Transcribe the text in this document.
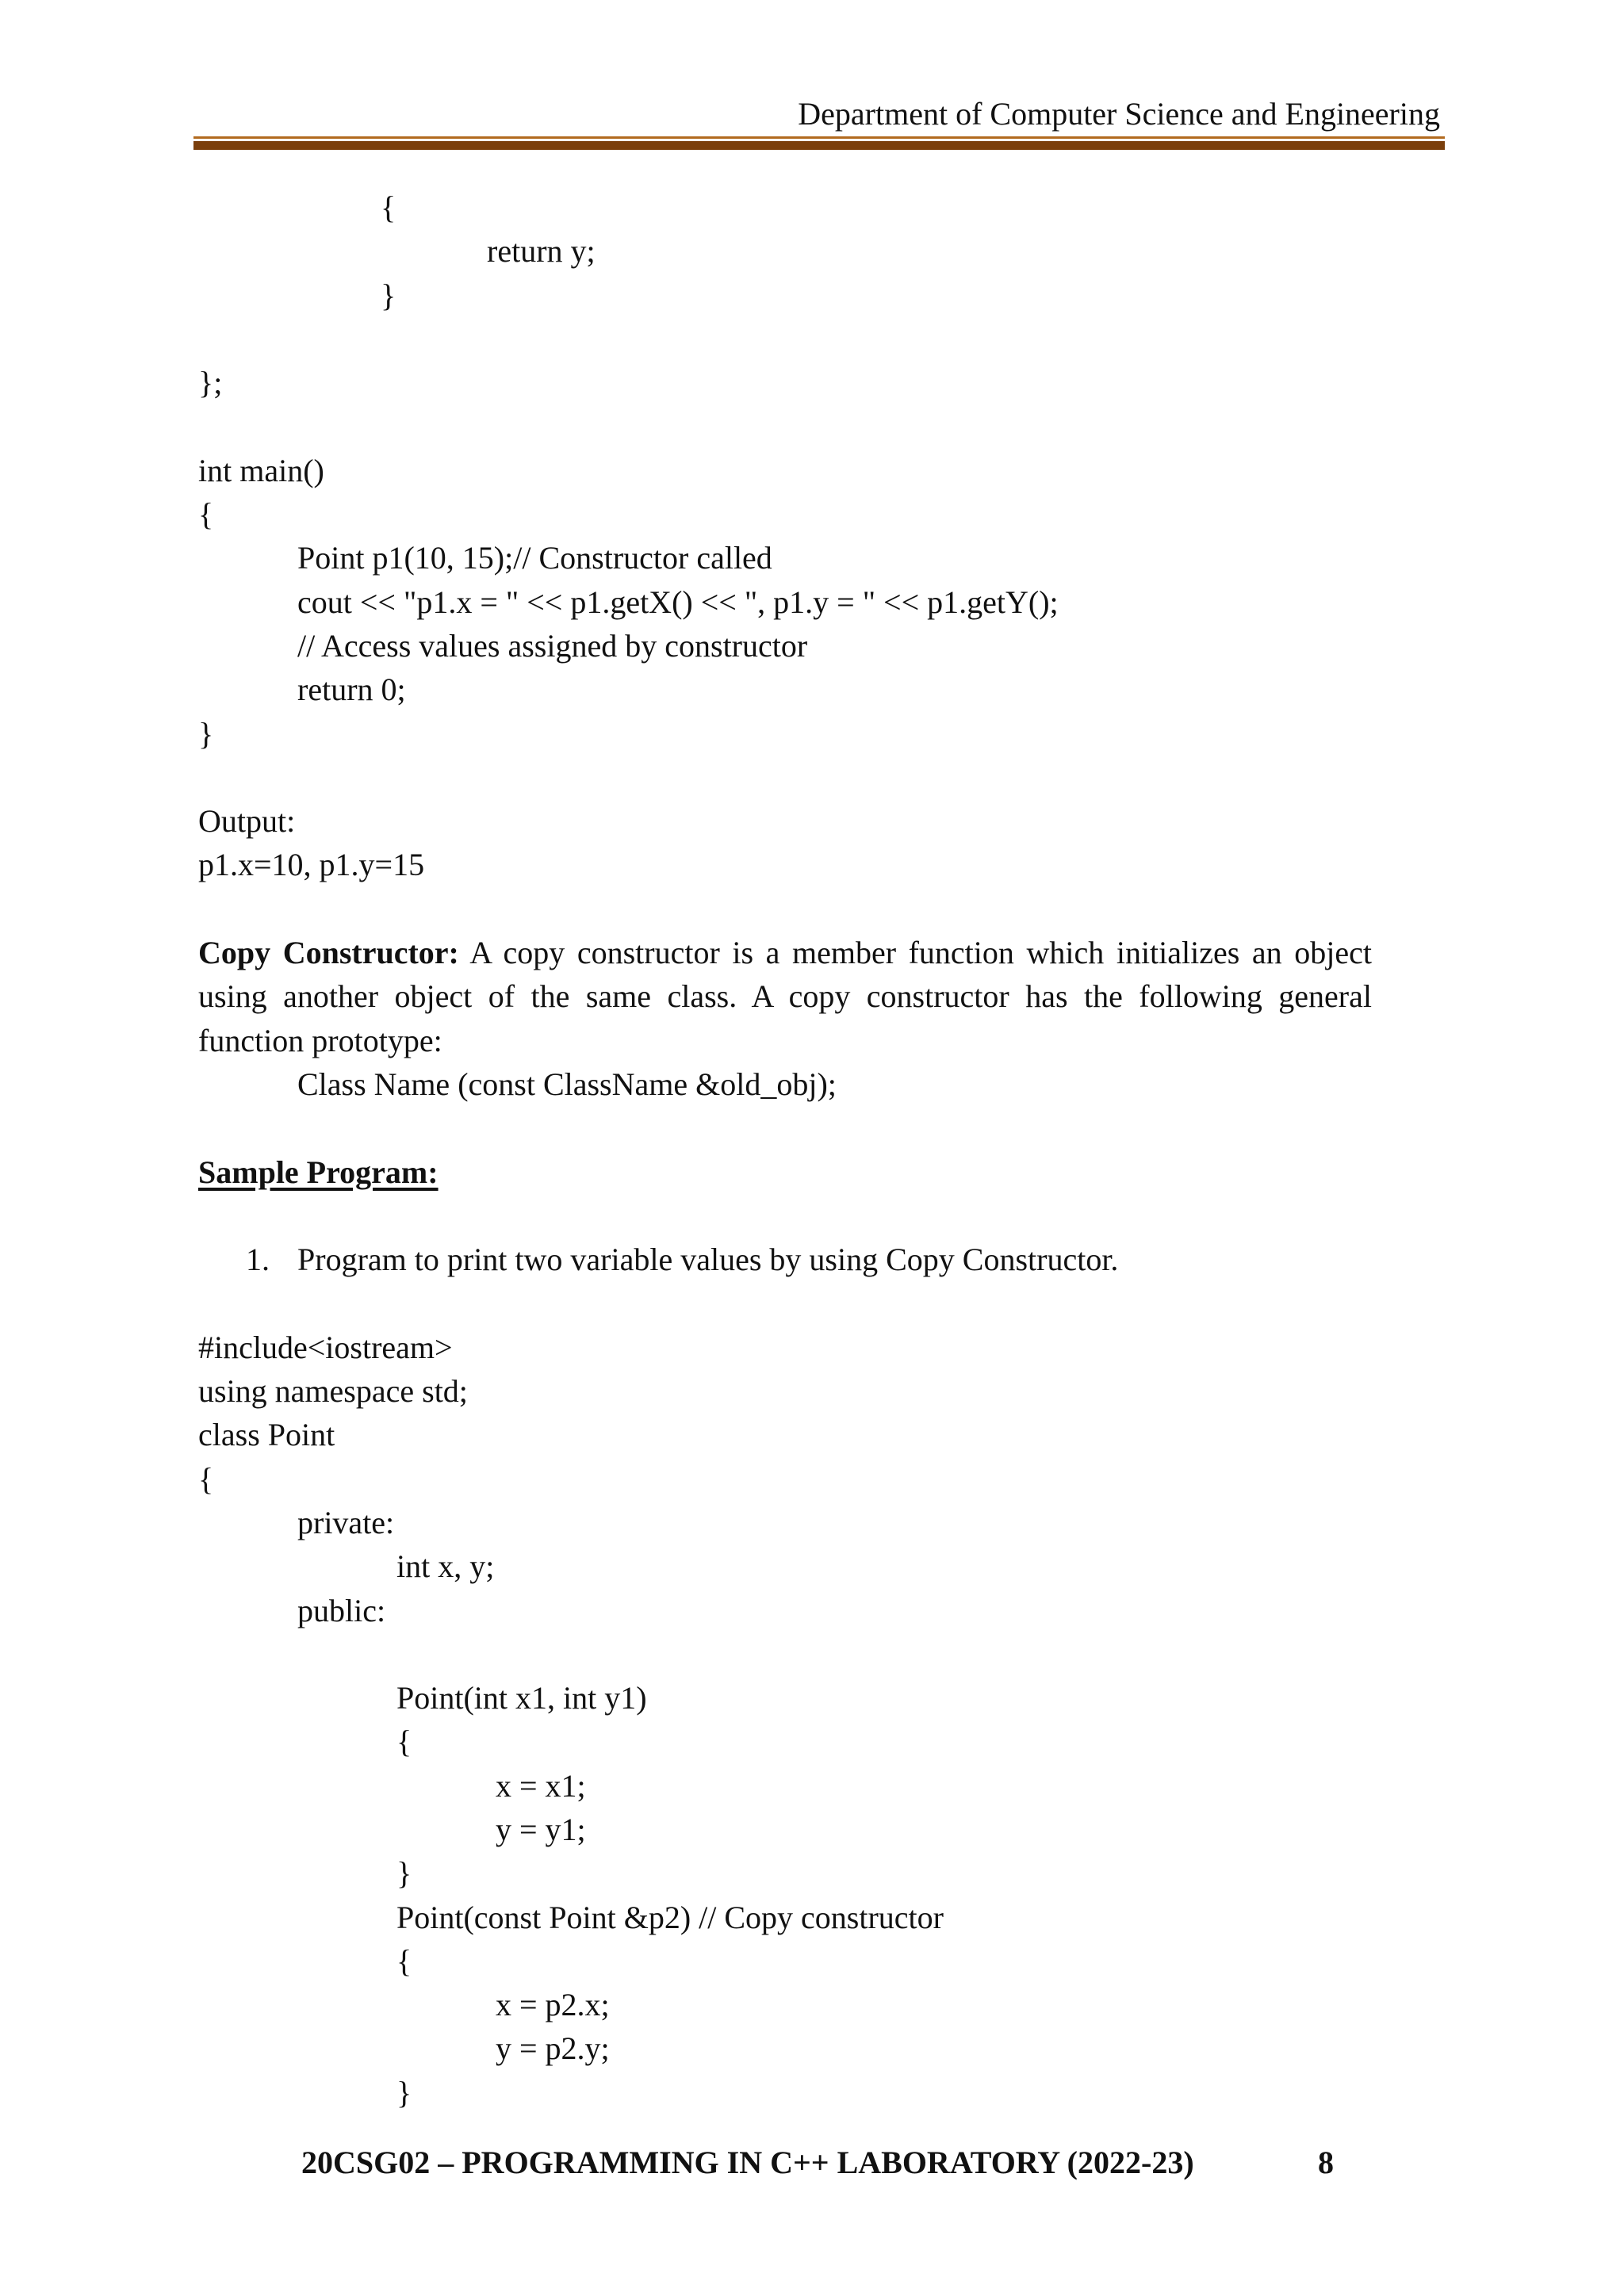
Department of Computer Science and Engineering
{
return y;
}
};
int main()
{
Point p1(10, 15);// Constructor called
cout << "p1.x = " << p1.getX() << ", p1.y = " << p1.getY();
// Access values assigned by constructor
return 0;
}
Output:
p1.x=10, p1.y=15
Copy Constructor: A copy constructor is a member function which initializes an object using another object of the same class. A copy constructor has the following general function prototype:
Class Name (const ClassName &old_obj);
Sample Program:
1. Program to print two variable values by using Copy Constructor.
#include<iostream>
using namespace std;
class Point
{
private:
int x, y;
public:
Point(int x1, int y1)
{
x = x1;
y = y1;
}
Point(const Point &p2) // Copy constructor
{
x = p2.x;
y = p2.y;
}
20CSG02 – PROGRAMMING IN C++ LABORATORY (2022-23)	8
